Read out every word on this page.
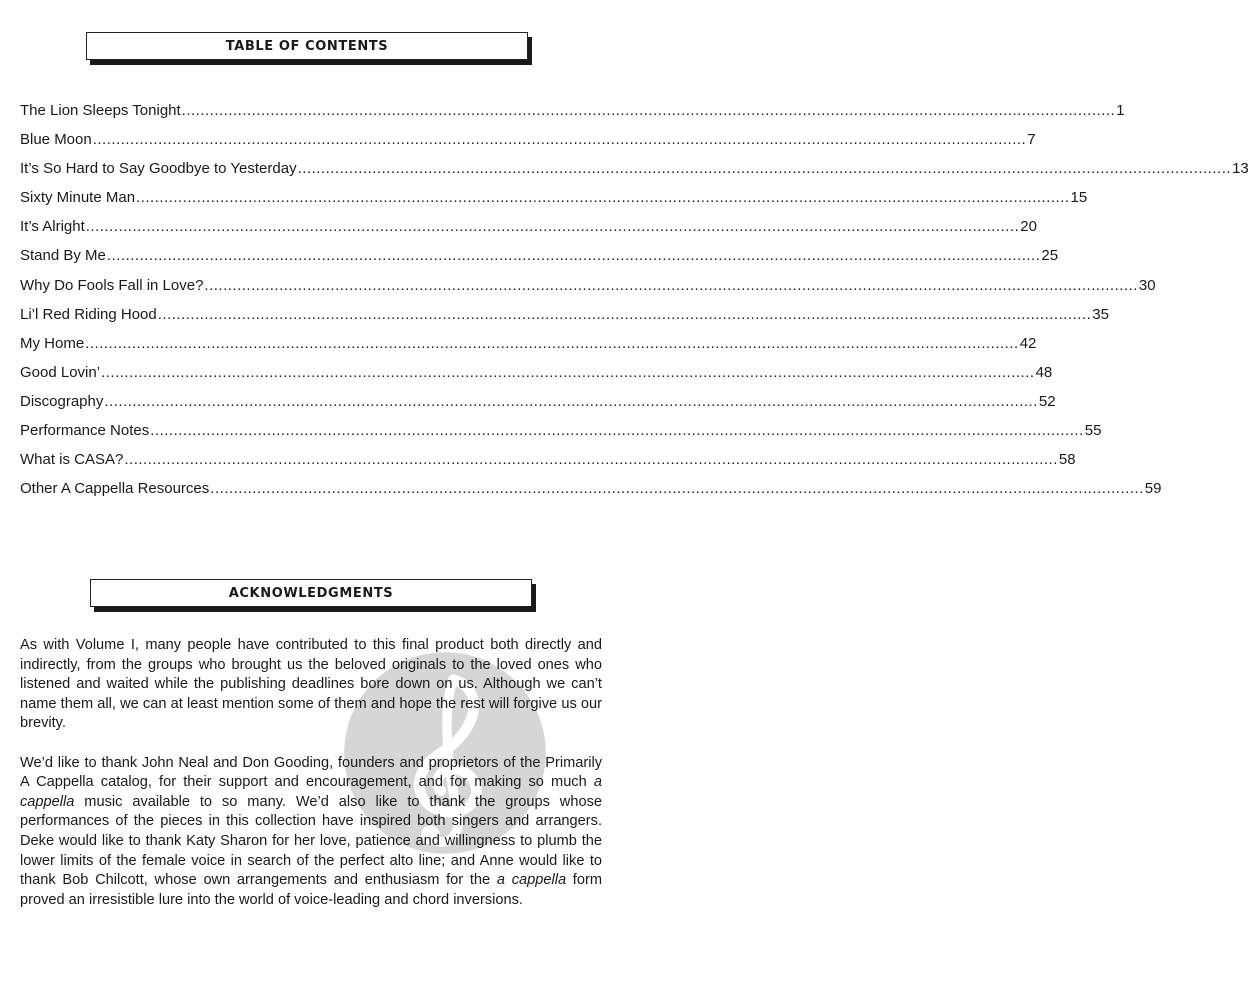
TABLE OF CONTENTS
The Lion Sleeps Tonight ........................................................................................................................................................................................................ 1
Blue Moon ........................................................................................................................................................................................................ 7
It’s So Hard to Say Goodbye to Yesterday ........................................................................................................................................................................................................ 13
Sixty Minute Man ........................................................................................................................................................................................................ 15
It’s Alright ........................................................................................................................................................................................................ 20
Stand By Me ........................................................................................................................................................................................................ 25
Why Do Fools Fall in Love? ........................................................................................................................................................................................................ 30
Li’l Red Riding Hood ........................................................................................................................................................................................................ 35
My Home ........................................................................................................................................................................................................ 42
Good Lovin’ ........................................................................................................................................................................................................ 48
Discography ........................................................................................................................................................................................................ 52
Performance Notes ........................................................................................................................................................................................................ 55
What is CASA? ........................................................................................................................................................................................................ 58
Other A Cappella Resources ........................................................................................................................................................................................................ 59
ACKNOWLEDGMENTS

As with Volume I, many people have contributed to this final product both directly and indirectly, from the groups who brought us the beloved originals to the loved ones who listened and waited while the publishing deadlines bore down on us. Although we can’t name them all, we can at least mention some of them and hope the rest will forgive us our brevity.

We’d like to thank John Neal and Don Gooding, founders and proprietors of the Primarily A Cappella catalog, for their support and encouragement, and for making so much a cappella music available to so many. We’d also like to thank the groups whose performances of the pieces in this collection have inspired both singers and arrangers. Deke would like to thank Katy Sharon for her love, patience and willingness to plumb the lower limits of the female voice in search of the perfect alto line; and Anne would like to thank Bob Chilcott, whose own arrangements and enthusiasm for the a cappella form proved an irresistible lure into the world of voice-leading and chord inversions.
